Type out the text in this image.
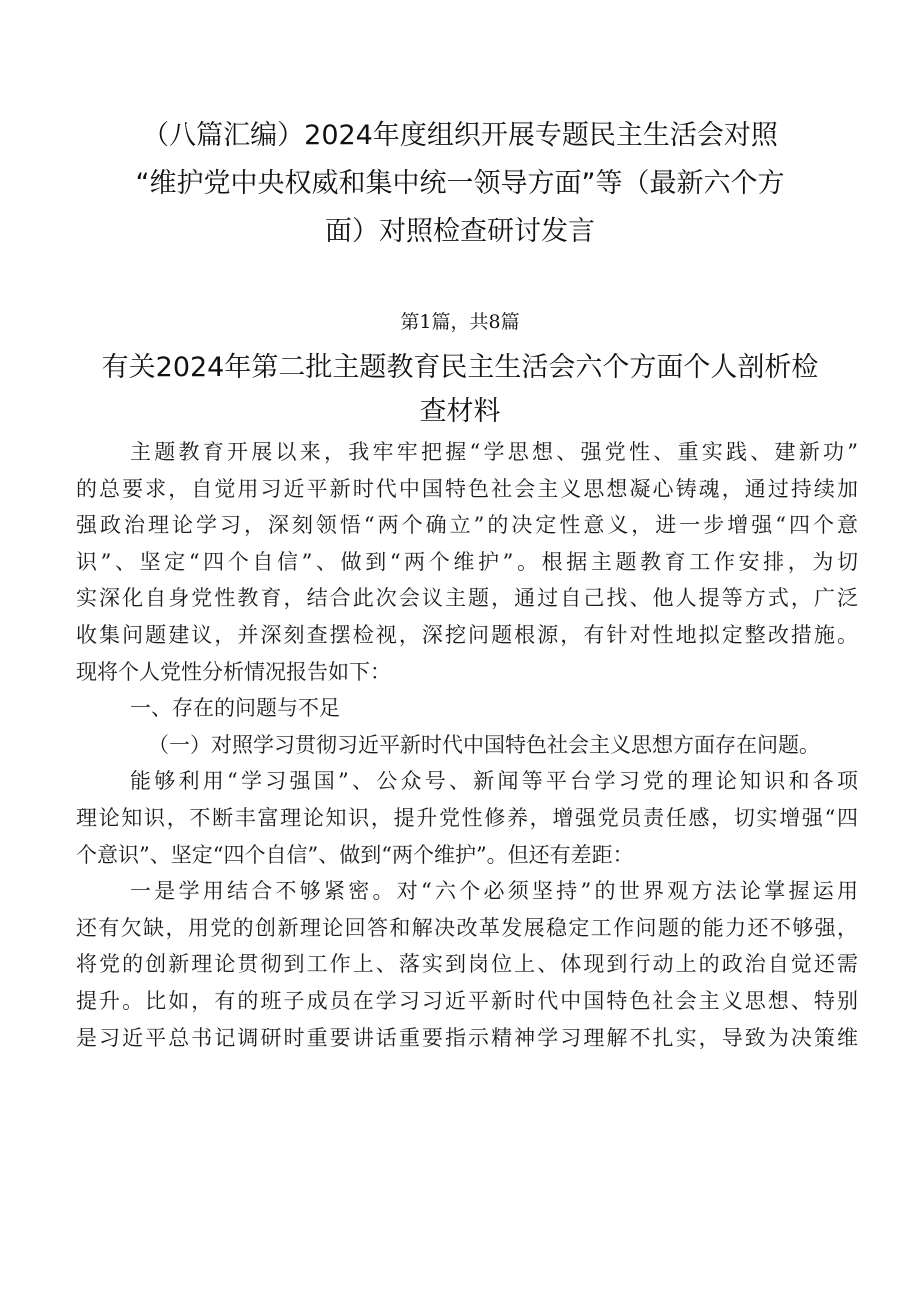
（八篇汇编）2024年度组织开展专题民主生活会对照
“维护党中央权威和集中统一领导方面”等（最新六个方
面）对照检查研讨发言
第1篇，共8篇
有关2024年第二批主题教育民主生活会六个方面个人剖析检
查材料
主题教育开展以来，我牢牢把握“学思想、强党性、重实践、建新功”
的总要求，自觉用习近平新时代中国特色社会主义思想凝心铸魂，通过持续加
强政治理论学习，深刻领悟“两个确立”的决定性意义，进一步增强“四个意
识”、坚定“四个自信”、做到“两个维护”。根据主题教育工作安排，为切
实深化自身党性教育，结合此次会议主题，通过自己找、他人提等方式，广泛
收集问题建议，并深刻查摆检视，深挖问题根源，有针对性地拟定整改措施。
现将个人党性分析情况报告如下：
一、存在的问题与不足
（一）对照学习贯彻习近平新时代中国特色社会主义思想方面存在问题。
能够利用“学习强国”、公众号、新闻等平台学习党的理论知识和各项
理论知识，不断丰富理论知识，提升党性修养，增强党员责任感，切实增强“四
个意识”、坚定“四个自信”、做到“两个维护”。但还有差距：
一是学用结合不够紧密。对“六个必须坚持”的世界观方法论掌握运用
还有欠缺，用党的创新理论回答和解决改革发展稳定工作问题的能力还不够强，
将党的创新理论贯彻到工作上、落实到岗位上、体现到行动上的政治自觉还需
提升。比如，有的班子成员在学习习近平新时代中国特色社会主义思想、特别
是习近平总书记调研时重要讲话重要指示精神学习理解不扎实，导致为决策维
